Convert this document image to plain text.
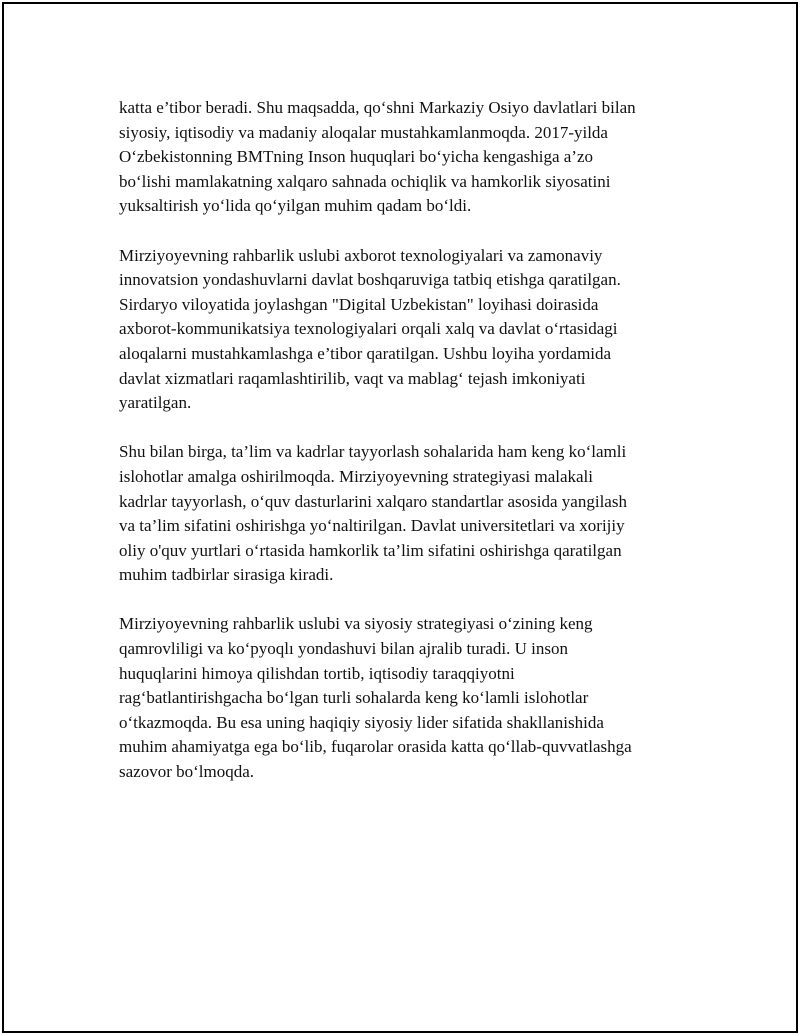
katta e’tibor beradi. Shu maqsadda, qo‘shni Markaziy Osiyo davlatlari bilan
siyosiy, iqtisodiy va madaniy aloqalar mustahkamlanmoqda. 2017-yilda
O‘zbekistonning BMTning Inson huquqlari bo‘yicha kengashiga a’zo
bo‘lishi mamlakatning xalqaro sahnada ochiqlik va hamkorlik siyosatini
yuksaltirish yo‘lida qo‘yilgan muhim qadam bo‘ldi.

Mirziyoyevning rahbarlik uslubi axborot texnologiyalari va zamonaviy
innovatsion yondashuvlarni davlat boshqaruviga tatbiq etishga qaratilgan.
Sirdaryo viloyatida joylashgan "Digital Uzbekistan" loyihasi doirasida
axborot-kommunikatsiya texnologiyalari orqali xalq va davlat o‘rtasidagi
aloqalarni mustahkamlashga e’tibor qaratilgan. Ushbu loyiha yordamida
davlat xizmatlari raqamlashtirilib, vaqt va mablag‘ tejash imkoniyati
yaratilgan.

Shu bilan birga, ta’lim va kadrlar tayyorlash sohalarida ham keng ko‘lamli
islohotlar amalga oshirilmoqda. Mirziyoyevning strategiyasi malakali
kadrlar tayyorlash, o‘quv dasturlarini xalqaro standartlar asosida yangilash
va ta’lim sifatini oshirishga yo‘naltirilgan. Davlat universitetlari va xorijiy
oliy o'quv yurtlari o‘rtasida hamkorlik ta’lim sifatini oshirishga qaratilgan
muhim tadbirlar sirasiga kiradi.

Mirziyoyevning rahbarlik uslubi va siyosiy strategiyasi o‘zining keng
qamrovliligi va ko‘pyoqlı yondashuvi bilan ajralib turadi. U inson
huquqlarini himoya qilishdan tortib, iqtisodiy taraqqiyotni
rag‘batlantirishgacha bo‘lgan turli sohalarda keng ko‘lamli islohotlar
o‘tkazmoqda. Bu esa uning haqiqiy siyosiy lider sifatida shakllanishida
muhim ahamiyatga ega bo‘lib, fuqarolar orasida katta qo‘llab-quvvatlashga
sazovor bo‘lmoqda.
